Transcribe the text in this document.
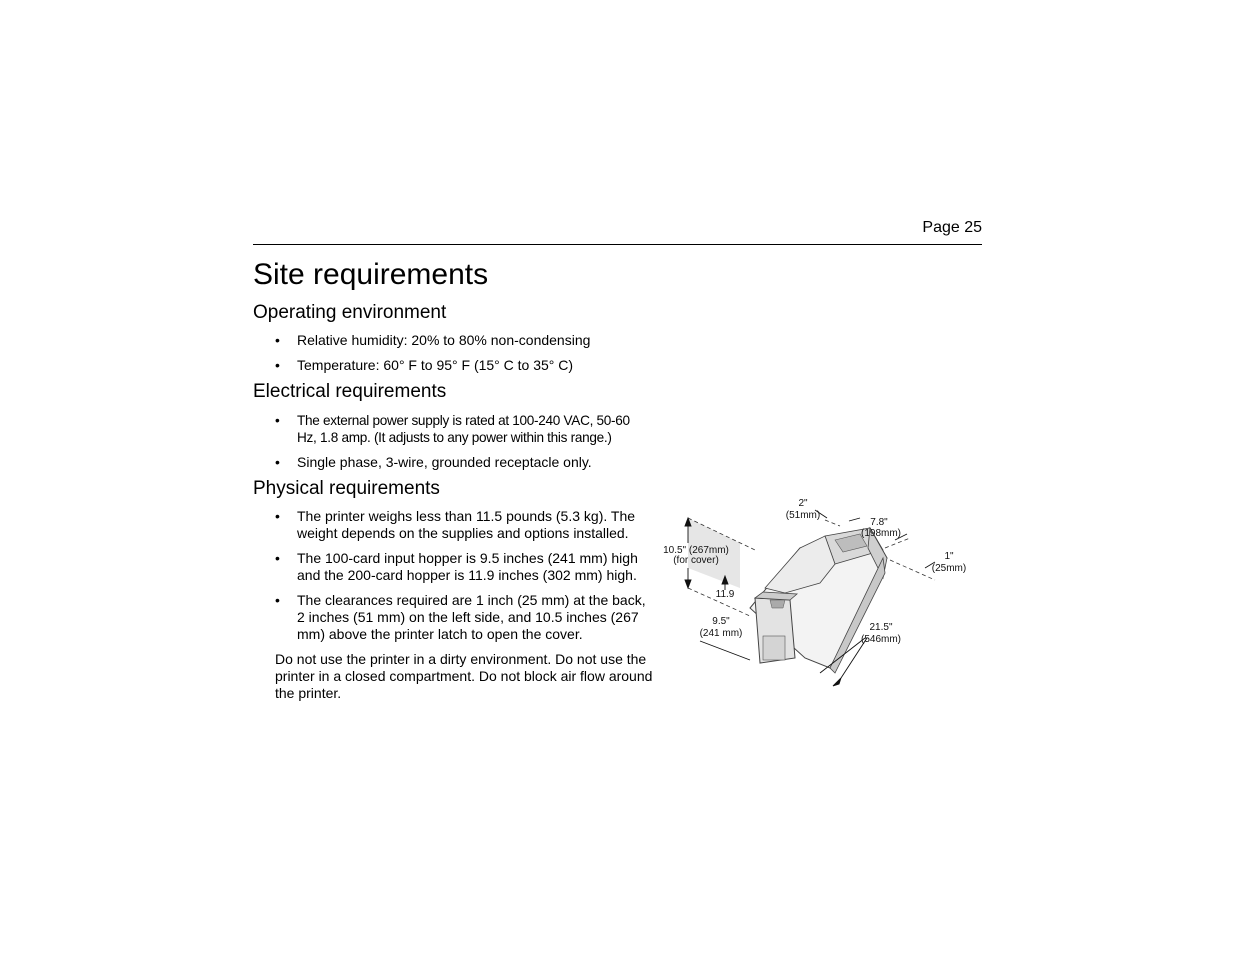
Page 25
Site requirements
Operating environment
• Relative humidity: 20% to 80% non-condensing
• Temperature: 60° F to 95° F (15° C to 35° C)
Electrical requirements
• The external power supply is rated at 100-240 VAC, 50-60 Hz, 1.8 amp. (It adjusts to any power within this range.)
• Single phase, 3-wire, grounded receptacle only.
Physical requirements
• The printer weighs less than 11.5 pounds (5.3 kg). The weight depends on the supplies and options installed.
• The 100-card input hopper is 9.5 inches (241 mm) high and the 200-card hopper is 11.9 inches (302 mm) high.
• The clearances required are 1 inch (25 mm) at the back, 2 inches (51 mm) on the left side, and 10.5 inches (267 mm) above the printer latch to open the cover.

Do not use the printer in a dirty environment. Do not use the printer in a closed compartment. Do not block air flow around the printer.

2"
(51mm)
7.8"
(198mm)
1"
(25mm)
10.5" (267mm)
(for cover)
11.9
9.5"
(241 mm)
21.5"
(546mm)
